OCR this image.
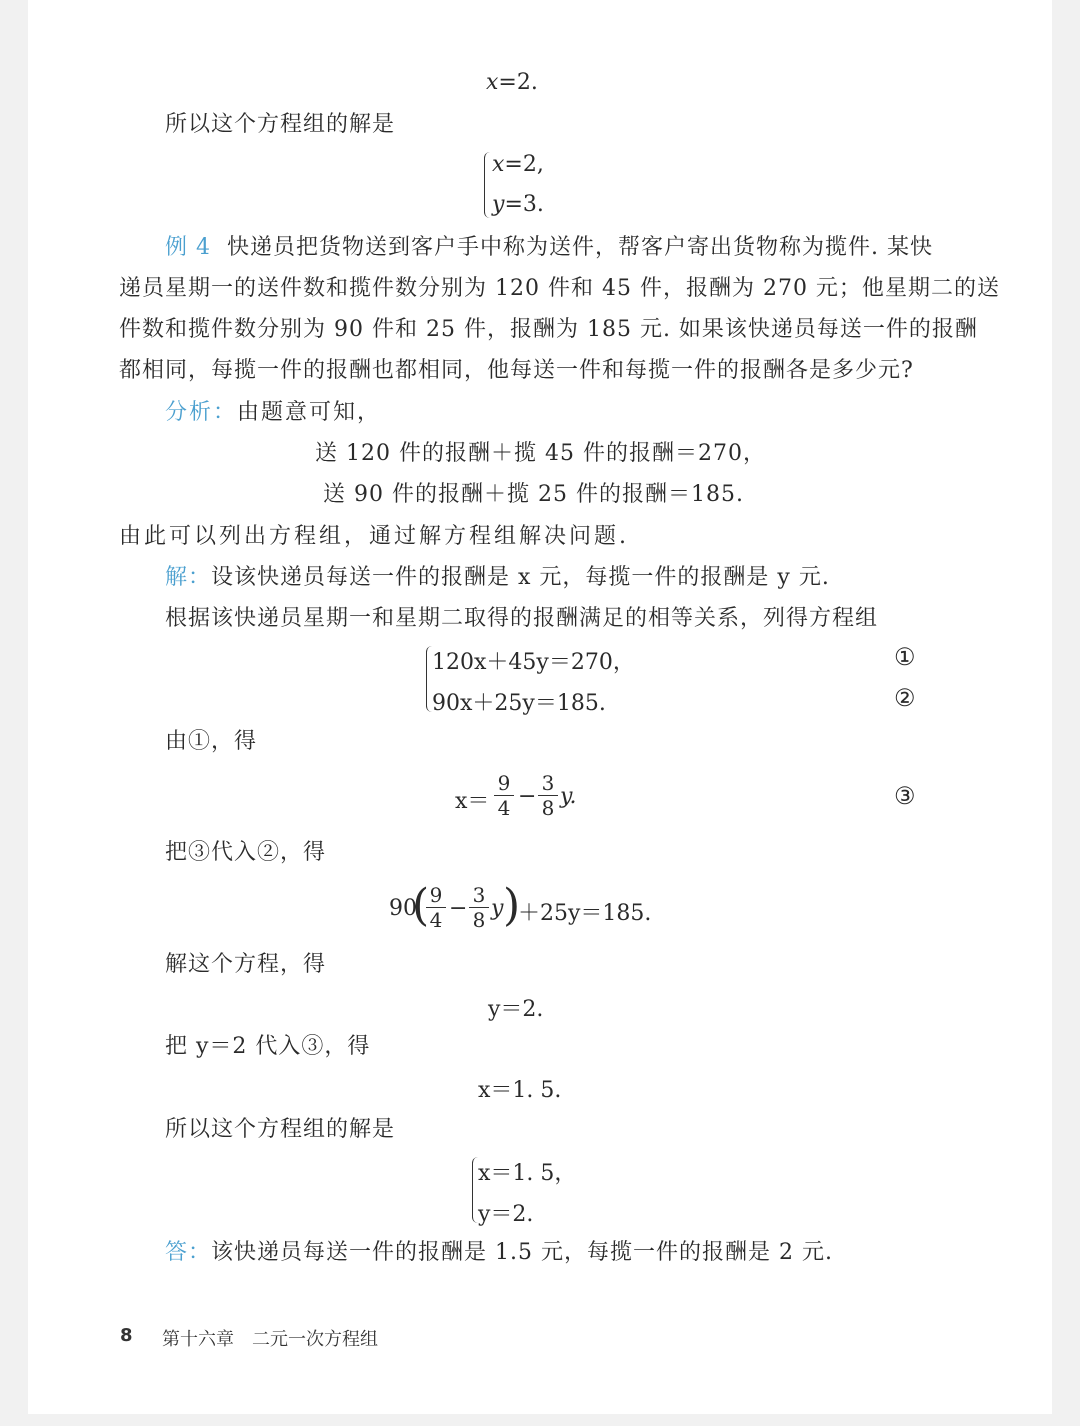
x=2.
所以这个方程组的解是
x=2,
y=3.
例 4 快递员把货物送到客户手中称为送件，帮客户寄出货物称为揽件. 某快
递员星期一的送件数和揽件数分别为 120 件和 45 件，报酬为 270 元；他星期二的送
件数和揽件数分别为 90 件和 25 件，报酬为 185 元. 如果该快递员每送一件的报酬
都相同，每揽一件的报酬也都相同，他每送一件和每揽一件的报酬各是多少元?
分析：由题意可知，
送 120 件的报酬＋揽 45 件的报酬＝270，
送 90 件的报酬＋揽 25 件的报酬＝185.
由此可以列出方程组，通过解方程组解决问题.
解：设该快递员每送一件的报酬是 x 元，每揽一件的报酬是 y 元.
根据该快递员星期一和星期二取得的报酬满足的相等关系，列得方程组
120x＋45y＝270，
90x＋25y＝185.
①
②
由①，得
x＝
9
4 −
3
8 y.	③
把③代入②，得
90
( 9
4 −
3
8 y )
＋25y＝185.
解这个方程，得
y＝2.
把 y＝2 代入③，得
x＝1. 5.
所以这个方程组的解是
x＝1. 5，
y＝2.
答：该快递员每送一件的报酬是 1.5 元，每揽一件的报酬是 2 元.
8 第十六章 二元一次方程组
